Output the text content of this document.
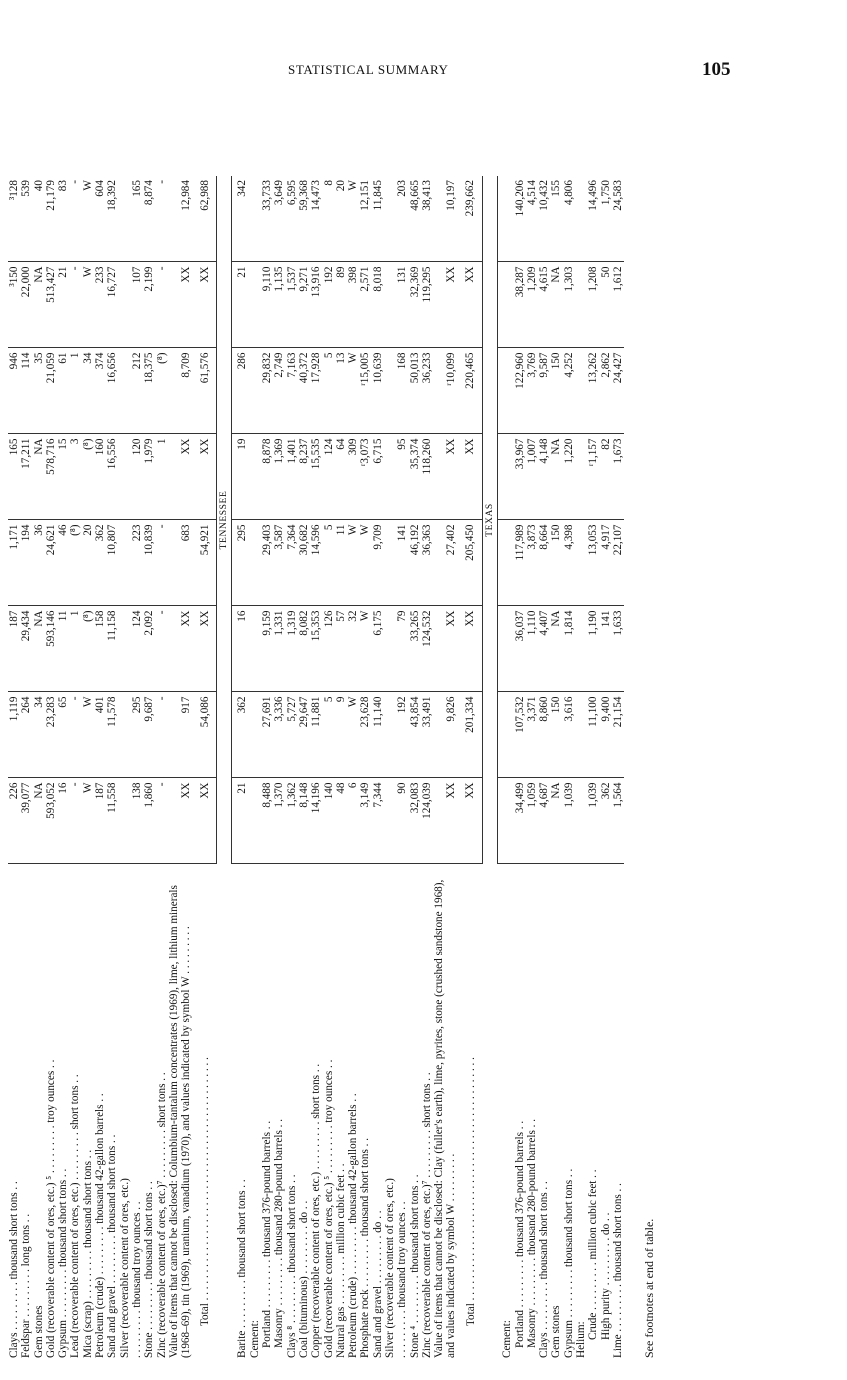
STATISTICAL SUMMARY	105
Clays . . . . . . . . . thousand short tons . .	226	1,119	187	1,171	165	946	³150	³128
Feldspar . . . . . . . . . long tons . .	39,077	264	29,434	194	17,211	114	22,000	539
Gem stones	NA	34	NA	36	NA	35	NA	40
Gold (recoverable content of ores, etc.) ⁵ . . . . . . . . . troy ounces . .	593,052	23,283	593,146	24,621	578,716	21,059	513,427	21,179
Gypsum . . . . . . . . . thousand short tons . .	16	65	11	46	15	61	21	83
Lead (recoverable content of ores, etc.) . . . . . . . . . short tons . .	-	-	1	(⁸)	3	1	-	-
Mica (scrap) . . . . . . . . . thousand short tons . .	W	W	(⁸)	20	(⁸)	34	W	W
Petroleum (crude) . . . . . . . . . thousand 42-gallon barrels . .	187	401	158	362	160	374	233	604
Sand and gravel . . . . . . . . . thousand short tons . .	11,558	11,578	11,158	10,807	16,556	16,656	16,727	18,392
Silver (recoverable content of ores, etc.)								
. . . . . . . . . thousand troy ounces . .	138	295	124	223	120	212	107	165
Stone . . . . . . . . . thousand short tons . .	1,860	9,687	2,092	10,839	1,979	18,375	2,199	8,874
Zinc (recoverable content of ores, etc.)⁷ . . . . . . . . . short tons . .	-	-	-	-	1	(⁸)	-	-
Value of items that cannot be disclosed: Columbium-tantalum concentrates (1969), lime, lithium minerals (1968–69), tin (1969), uranium, vanadium (1970), and values indicated by symbol W . . . . . . . . .	XX	917	XX	683	XX	8,709	XX	12,984
Total . . . . . . . . . . . . . . . . . . . . . . . . . . . . . . . . . . . . . . . . . . . .	XX	54,086	XX	54,921	XX	61,576	XX	62,988
	TENNESSEE							
Barite . . . . . . . . . thousand short tons . .	21	362	16	295	19	286	21	342
Cement:								
Portland . . . . . . . . . thousand 376-pound barrels . .	8,488	27,691	9,159	29,403	8,878	29,832	9,110	33,733
Masonry . . . . . . . . . thousand 280-pound barrels . .	1,370	3,336	1,331	3,587	1,369	2,749	1,135	3,649
Clays ⁸ . . . . . . . . . thousand short tons . .	1,362	5,727	1,319	7,364	1,401	7,163	1,537	6,595
Coal (bituminous) . . . . . . . . . do . .	8,148	29,647	8,082	30,682	8,237	40,372	9,271	59,368
Copper (recoverable content of ores, etc.) . . . . . . . . . short tons . .	14,196	11,881	15,353	14,596	15,535	17,928	13,916	14,473
Gold (recoverable content of ores, etc.) ⁵ . . . . . . . . . troy ounces . .	140	5	126	5	124	5	192	8
Natural gas . . . . . . . . . million cubic feet . .	48	9	57	11	64	13	89	20
Petroleum (crude) . . . . . . . . . thousand 42-gallon barrels . .	6	W	32	W	309	W	398	W
Phosphate rock . . . . . . . . . thousand short tons . .	3,149	23,628	W	W	ʳ3,073	ʳ15,005	2,571	12,151
Sand and gravel . . . . . . . . . do . .	7,344	11,140	6,175	9,709	6,715	10,639	8,018	11,845
Silver (recoverable content of ores, etc.)								
. . . . . . . . . thousand troy ounces . .	90	192	79	141	95	168	131	203
Stone ⁴ . . . . . . . . . thousand short tons . .	32,083	43,854	33,265	46,192	35,374	50,013	32,369	48,665
Zinc (recoverable content of ores, etc.)⁷ . . . . . . . . . short tons . .	124,039	33,491	124,532	36,363	118,260	36,233	119,295	38,413
Value of items that cannot be disclosed: Clay (fuller's earth), lime, pyrites, stone (crushed sandstone 1968), and values indicated by symbol W . . . . . . . . .	XX	9,826	XX	27,402	XX	ʳ10,099	XX	10,197
Total . . . . . . . . . . . . . . . . . . . . . . . . . . . . . . . . . . . . . . . . . . . .	XX	201,334	XX	205,450	XX	220,465	XX	239,662
	TEXAS							
Cement:								
Portland . . . . . . . . . thousand 376-pound barrels . .	34,499	107,532	36,037	117,989	33,967	122,960	38,287	140,206
Masonry . . . . . . . . . thousand 280-pound barrels . .	1,059	3,371	1,110	3,873	1,007	3,769	1,209	4,514
Clays . . . . . . . . . thousand short tons . .	4,687	8,860	4,407	8,664	4,148	9,587	4,615	10,432
Gem stones	NA	150	NA	150	NA	150	NA	155
Gypsum . . . . . . . . . thousand short tons . .	1,039	3,616	1,814	4,398	1,220	4,252	1,303	4,806
Helium:								
Crude . . . . . . . . . million cubic feet . .	1,039	11,100	1,190	13,053	ʳ1,157	13,262	1,208	14,496
High purity . . . . . . . . . do . .	362	9,400	141	4,917	82	2,862	50	1,750
Lime . . . . . . . . . thousand short tons . .	1,564	21,154	1,633	22,107	1,673	24,427	1,612	24,583
See footnotes at end of table.
